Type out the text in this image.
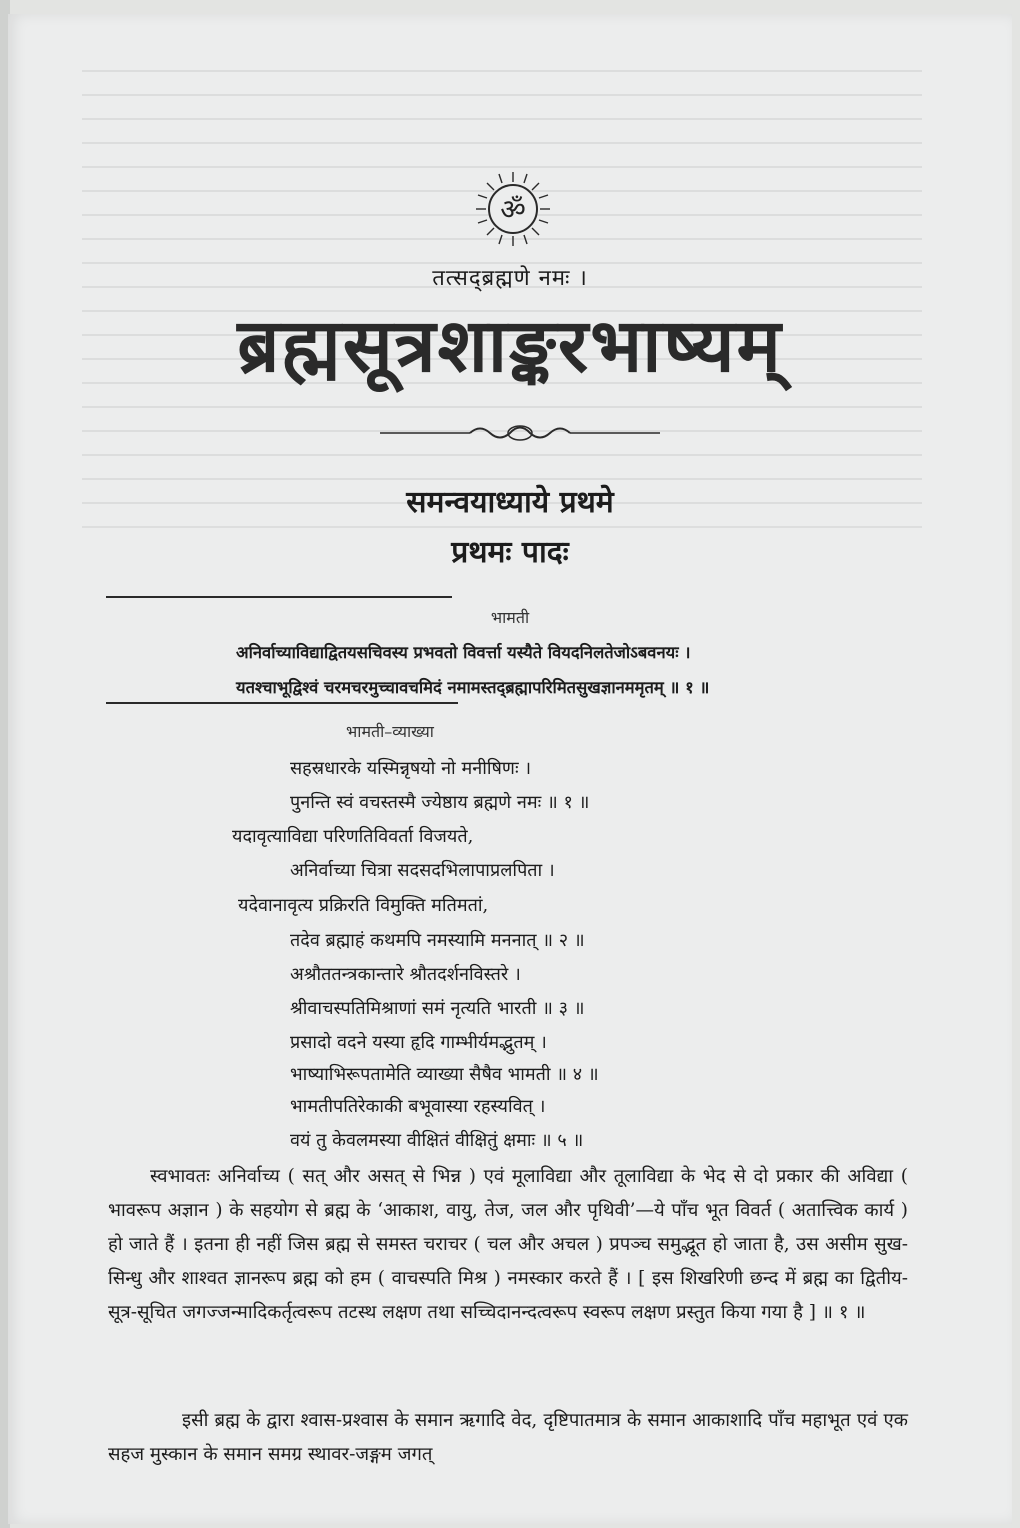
ॐ
तत्सद्ब्रह्मणे नमः ।
ब्रह्मसूत्रशाङ्करभाष्यम्
समन्वयाध्याये प्रथमे
प्रथमः पादः
भामती
अनिर्वाच्याविद्याद्वितयसचिवस्य प्रभवतो विवर्त्ता यस्यैते वियदनिलतेजोऽबवनयः ।
यतश्चाभूद्विश्वं चरमचरमुच्चावचमिदं नमामस्तद्ब्रह्मापरिमितसुखज्ञानममृतम् ॥ १ ॥
भामती–व्याख्या
सहस्रधारके यस्मिन्नृषयो नो मनीषिणः ।
पुनन्ति स्वं वचस्तस्मै ज्येष्ठाय ब्रह्मणे नमः ॥ १ ॥
यदावृत्याविद्या परिणतिविवर्ता विजयते,
अनिर्वाच्या चित्रा सदसदभिलापाप्रलपिता ।
यदेवानावृत्य प्रक्रिरति विमुक्ति मतिमतां,
तदेव ब्रह्माहं कथमपि नमस्यामि मननात् ॥ २ ॥
अश्रौततन्त्रकान्तारे श्रौतदर्शनविस्तरे ।
श्रीवाचस्पतिमिश्राणां समं नृत्यति भारती ॥ ३ ॥
प्रसादो वदने यस्या हृदि गाम्भीर्यमद्भुतम् ।
भाष्याभिरूपतामेति व्याख्या सैषैव भामती ॥ ४ ॥
भामतीपतिरेकाकी बभूवास्या रहस्यवित् ।
वयं तु केवलमस्या वीक्षितं वीक्षितुं क्षमाः ॥ ५ ॥
स्वभावतः अनिर्वाच्य ( सत् और असत् से भिन्न ) एवं मूलाविद्या और तूलाविद्या के भेद से दो प्रकार की अविद्या ( भावरूप अज्ञान ) के सहयोग से ब्रह्म के ‘आकाश, वायु, तेज, जल और पृथिवी’—ये पाँच भूत विवर्त ( अतात्त्विक कार्य ) हो जाते हैं । इतना ही नहीं जिस ब्रह्म से समस्त चराचर ( चल और अचल ) प्रपञ्च समुद्भूत हो जाता है, उस असीम सुख-सिन्धु और शाश्वत ज्ञानरूप ब्रह्म को हम ( वाचस्पति मिश्र ) नमस्कार करते हैं । [ इस शिखरिणी छन्द में ब्रह्म का द्वितीय-सूत्र-सूचित जगज्जन्मादिकर्तृत्वरूप तटस्थ लक्षण तथा सच्चिदानन्दत्वरूप स्वरूप लक्षण प्रस्तुत किया गया है ] ॥ १ ॥
इसी ब्रह्म के द्वारा श्वास-प्रश्वास के समान ऋगादि वेद, दृष्टिपातमात्र के समान आकाशादि पाँच महाभूत एवं एक सहज मुस्कान के समान समग्र स्थावर-जङ्गम जगत्
